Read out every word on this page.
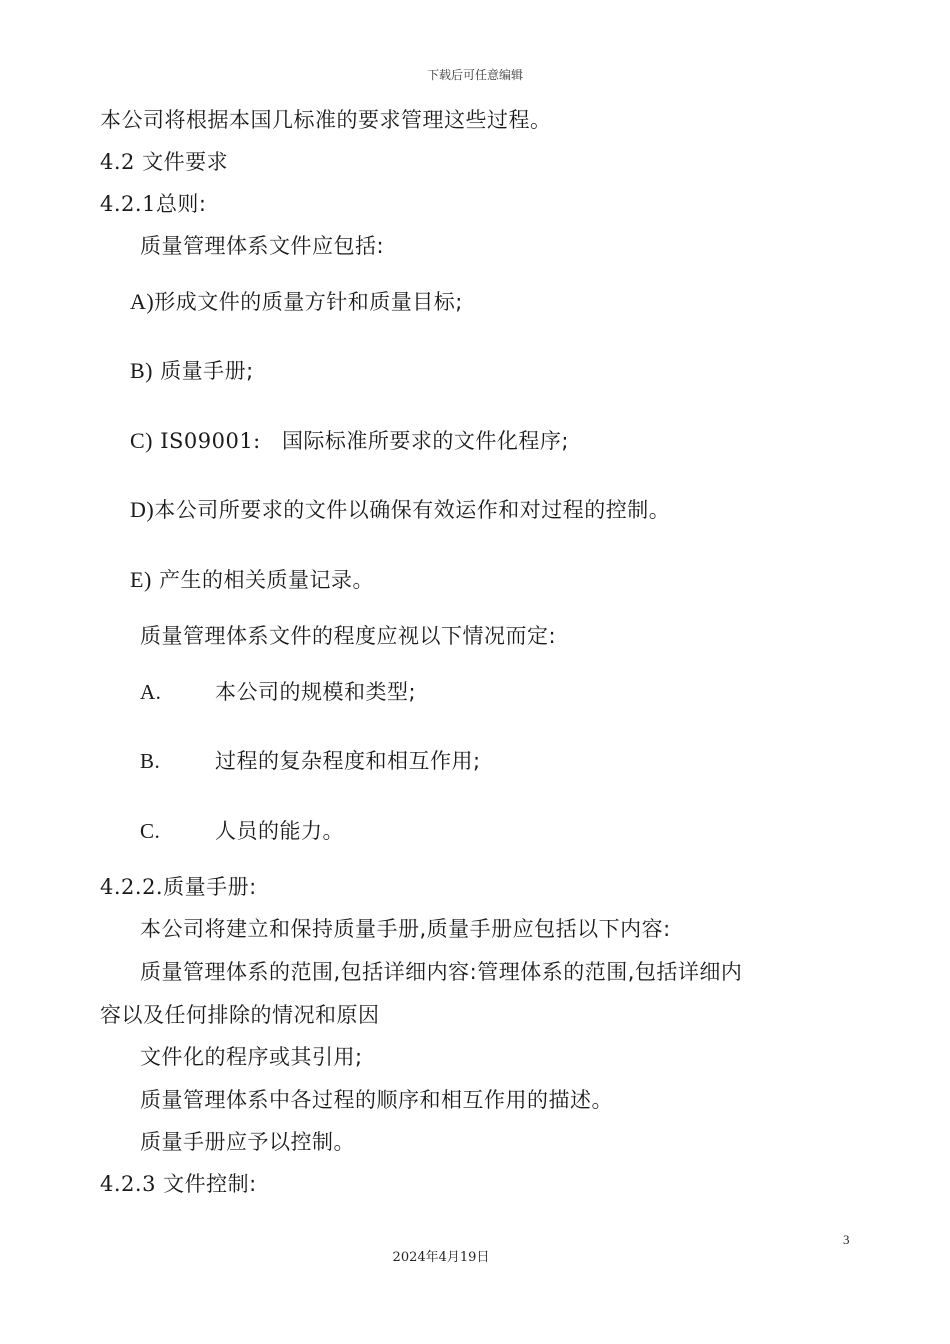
下载后可任意编辑
本公司将根据本国几标准的要求管理这些过程。
4.2 文件要求
4.2.1总则:
质量管理体系文件应包括:
A)形成文件的质量方针和质量目标;
B) 质量手册;
C) IS09001: 国际标准所要求的文件化程序;
D)本公司所要求的文件以确保有效运作和对过程的控制。
E) 产生的相关质量记录。
质量管理体系文件的程度应视以下情况而定:
A.	本公司的规模和类型;
B.	过程的复杂程度和相互作用;
C.	人员的能力。
4.2.2.质量手册:
本公司将建立和保持质量手册,质量手册应包括以下内容:
质量管理体系的范围,包括详细内容:管理体系的范围,包括详细内
容以及任何排除的情况和原因
文件化的程序或其引用;
质量管理体系中各过程的顺序和相互作用的描述。
质量手册应予以控制。
4.2.3 文件控制:
3
2024年4月19日
